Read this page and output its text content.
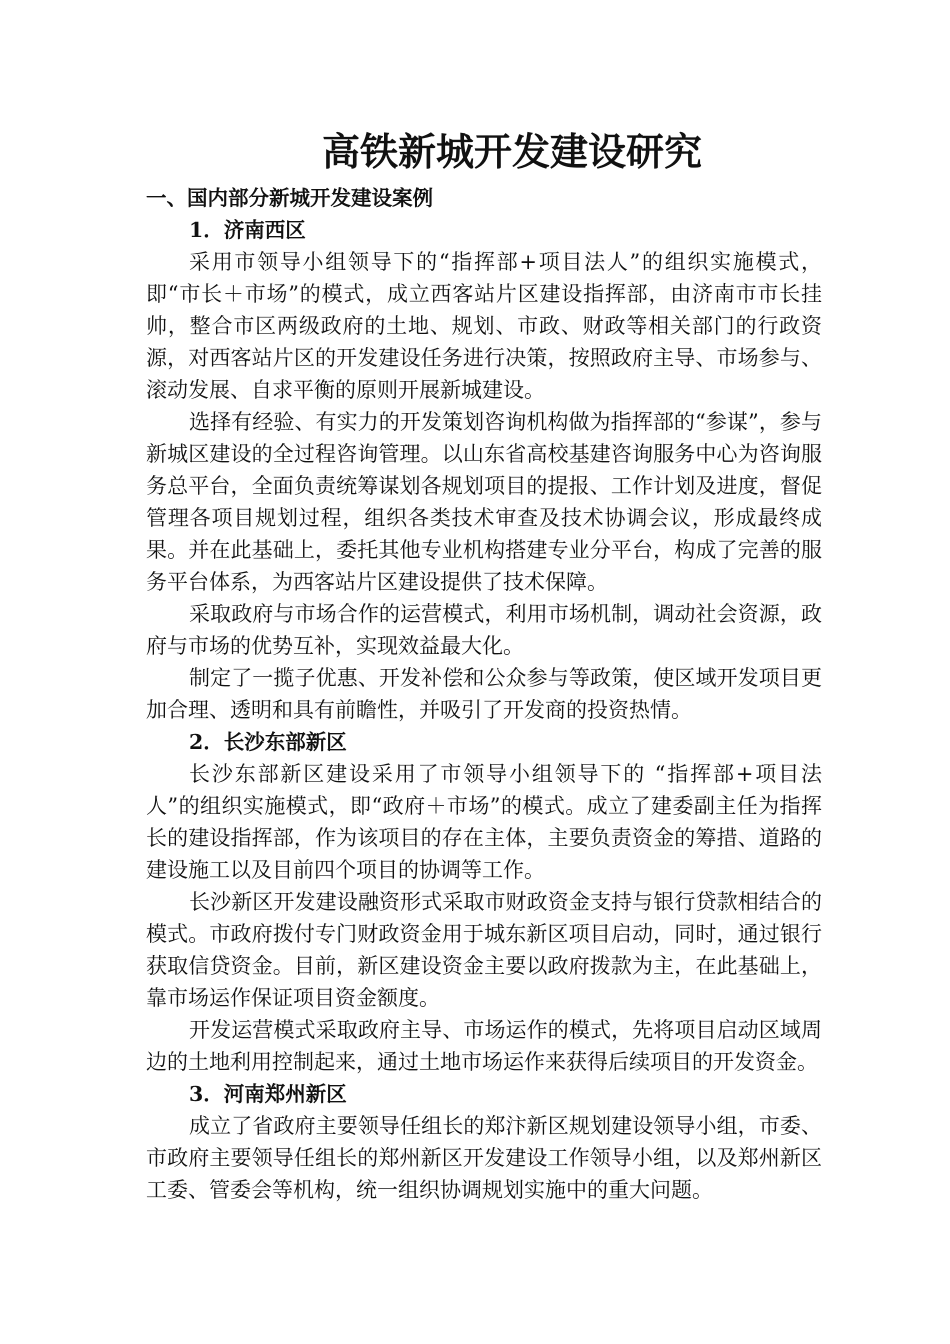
高铁新城开发建设研究
一、国内部分新城开发建设案例
1．济南西区

采用市领导小组领导下的“指挥部+项目法人”的组织实施模式，即“市长＋市场”的模式，成立西客站片区建设指挥部，由济南市市长挂帅，整合市区两级政府的土地、规划、市政、财政等相关部门的行政资源，对西客站片区的开发建设任务进行决策，按照政府主导、市场参与、滚动发展、自求平衡的原则开展新城建设。

选择有经验、有实力的开发策划咨询机构做为指挥部的“参谋”，参与新城区建设的全过程咨询管理。以山东省高校基建咨询服务中心为咨询服务总平台，全面负责统筹谋划各规划项目的提报、工作计划及进度，督促管理各项目规划过程，组织各类技术审查及技术协调会议，形成最终成果。并在此基础上，委托其他专业机构搭建专业分平台，构成了完善的服务平台体系，为西客站片区建设提供了技术保障。

采取政府与市场合作的运营模式，利用市场机制，调动社会资源，政府与市场的优势互补，实现效益最大化。

制定了一揽子优惠、开发补偿和公众参与等政策，使区域开发项目更加合理、透明和具有前瞻性，并吸引了开发商的投资热情。

2．长沙东部新区

长沙东部新区建设采用了市领导小组领导下的 “指挥部+项目法人”的组织实施模式，即“政府＋市场”的模式。成立了建委副主任为指挥长的建设指挥部，作为该项目的存在主体，主要负责资金的筹措、道路的建设施工以及目前四个项目的协调等工作。

长沙新区开发建设融资形式采取市财政资金支持与银行贷款相结合的模式。市政府拨付专门财政资金用于城东新区项目启动，同时，通过银行获取信贷资金。目前，新区建设资金主要以政府拨款为主，在此基础上，靠市场运作保证项目资金额度。

开发运营模式采取政府主导、市场运作的模式，先将项目启动区域周边的土地利用控制起来，通过土地市场运作来获得后续项目的开发资金。

3．河南郑州新区

成立了省政府主要领导任组长的郑汴新区规划建设领导小组，市委、市政府主要领导任组长的郑州新区开发建设工作领导小组，以及郑州新区工委、管委会等机构，统一组织协调规划实施中的重大问题。
